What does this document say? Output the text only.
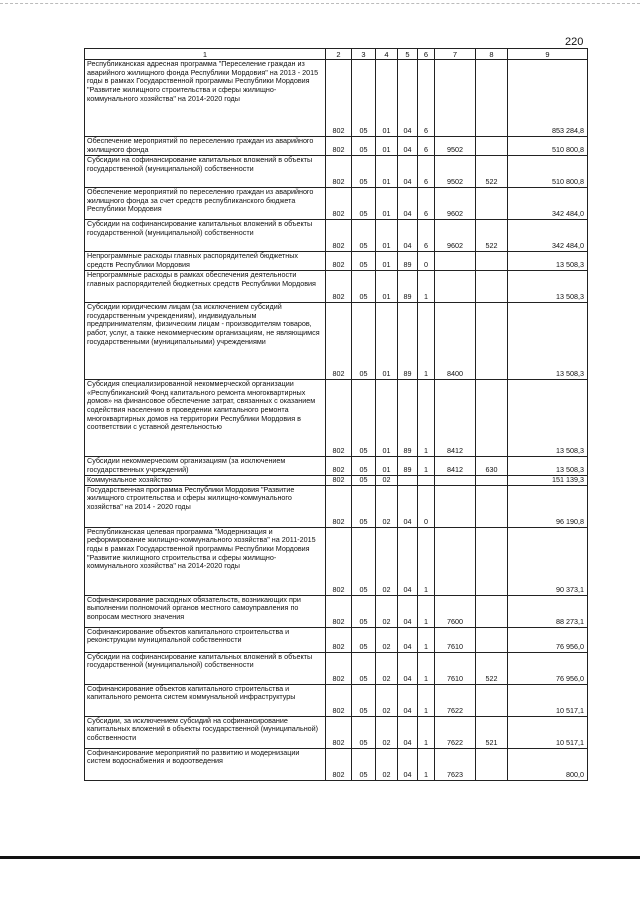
220
1	2	3	4	5	6	7	8	9
Республиканская адресная программа "Переселение граждан из аварийного жилищного фонда Республики Мордовия" на 2013 - 2015 годы в рамках Государственной программы Республики Мордовия "Развитие жилищного строительства и сферы жилищно-коммунального хозяйства" на 2014-2020 годы	802	05	01	04	6			853 284,8
Обеспечение мероприятий по переселению граждан из аварийного жилищного фонда	802	05	01	04	6	9502		510 800,8
Субсидии на софинансирование капитальных вложений в объекты государственной (муниципальной) собственности	802	05	01	04	6	9502	522	510 800,8
Обеспечение мероприятий по переселению граждан из аварийного жилищного фонда за счет средств республиканского бюджета Республики Мордовия	802	05	01	04	6	9602		342 484,0
Субсидии на софинансирование капитальных вложений в объекты государственной (муниципальной) собственности	802	05	01	04	6	9602	522	342 484,0
Непрограммные расходы главных распорядителей бюджетных средств Республики Мордовия	802	05	01	89	0			13 508,3
Непрограммные расходы в рамках обеспечения деятельности главных распорядителей бюджетных средств Республики Мордовия	802	05	01	89	1			13 508,3
Субсидии юридическим лицам (за исключением субсидий государственным учреждениям), индивидуальным предпринимателям, физическим лицам - производителям товаров, работ, услуг, а также некоммерческим организациям, не являющимся государственными (муниципальными) учреждениями	802	05	01	89	1	8400		13 508,3
Субсидия специализированной некоммерческой организации «Республиканский Фонд капитального ремонта многоквартирных домов» на финансовое обеспечение затрат, связанных с оказанием содействия населению в проведении капитального ремонта многоквартирных домов на территории Республики Мордовия в соответствии с уставной деятельностью	802	05	01	89	1	8412		13 508,3
Субсидии некоммерческим организациям (за исключением государственных учреждений)	802	05	01	89	1	8412	630	13 508,3
Коммунальное хозяйство	802	05	02					151 139,3
Государственная программа Республики Мордовия "Развитие жилищного строительства и сферы жилищно-коммунального хозяйства" на 2014 - 2020 годы	802	05	02	04	0			96 190,8
Республиканская целевая программа "Модернизация и реформирование жилищно-коммунального хозяйства" на 2011-2015 годы в рамках Государственной программы Республики Мордовия "Развитие жилищного строительства и сферы жилищно-коммунального хозяйства" на 2014-2020 годы	802	05	02	04	1			90 373,1
Софинансирование расходных обязательств, возникающих при выполнении полномочий органов местного самоуправления по вопросам местного значения	802	05	02	04	1	7600		88 273,1
Софинансирование объектов капитального строительства и реконструкции муниципальной собственности	802	05	02	04	1	7610		76 956,0
Субсидии на софинансирование капитальных вложений в объекты государственной (муниципальной) собственности	802	05	02	04	1	7610	522	76 956,0
Софинансирование объектов капитального строительства и капитального ремонта систем коммунальной инфраструктуры	802	05	02	04	1	7622		10 517,1
Субсидии, за исключением субсидий на софинансирование капитальных вложений в объекты государственной (муниципальной) собственности	802	05	02	04	1	7622	521	10 517,1
Софинансирование мероприятий по развитию и модернизации систем водоснабжения и водоотведения	802	05	02	04	1	7623		800,0
